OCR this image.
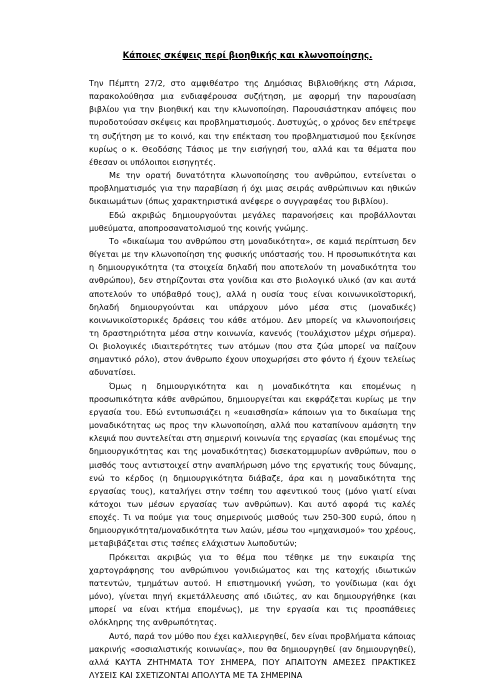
Κάποιες σκέψεις περί βιοηθικής και κλωνοποίησης.

Την Πέμπτη 27/2, στο αμφιθέατρο της Δημόσιας Βιβλιοθήκης στη Λάρισα, παρακολούθησα μια ενδιαφέρουσα συζήτηση, με αφορμή την παρουσίαση βιβλίου για την βιοηθική και την κλωνοποίηση. Παρουσιάστηκαν απόψεις που πυροδοτούσαν σκέψεις και προβληματισμούς. Δυστυχώς, ο χρόνος δεν επέτρεψε τη συζήτηση με το κοινό, και την επέκταση του προβληματισμού που ξεκίνησε κυρίως ο κ. Θεοδόσης Τάσιος με την εισήγησή του, αλλά και τα θέματα που έθεσαν οι υπόλοιποι εισηγητές.

Με την ορατή δυνατότητα κλωνοποίησης του ανθρώπου, εντείνεται ο προβληματισμός για την παραβίαση ή όχι μιας σειράς ανθρώπινων και ηθικών δικαιωμάτων (όπως χαρακτηριστικά ανέφερε ο συγγραφέας του βιβλίου).

Εδώ ακριβώς δημιουργούνται μεγάλες παρανοήσεις και προβάλλονται μυθεύματα, αποπροσανατολισμού της κοινής γνώμης.

Το «δικαίωμα του ανθρώπου στη μοναδικότητα», σε καμιά περίπτωση δεν θίγεται με την κλωνοποίηση της φυσικής υπόστασής του. Η προσωπικότητα και η δημιουργικότητα (τα στοιχεία δηλαδή που αποτελούν τη μοναδικότητα του ανθρώπου), δεν στηρίζονται στα γονίδια και στο βιολογικό υλικό (αν και αυτά αποτελούν το υπόβαθρό τους), αλλά η ουσία τους είναι κοινωνικοϊστορική, δηλαδή δημιουργούνται και υπάρχουν μόνο μέσα στις (μοναδικές) κοινωνικοϊστορικές δράσεις του κάθε ατόμου. Δεν μπορείς να κλωνοποιήσεις τη δραστηριότητα μέσα στην κοινωνία, κανενός (τουλάχιστον μέχρι σήμερα). Οι βιολογικές ιδιαιτερότητες των ατόμων (που στα ζώα μπορεί να παίζουν σημαντικό ρόλο), στον άνθρωπο έχουν υποχωρήσει στο φόντο ή έχουν τελείως αδυνατίσει.

Όμως η δημιουργικότητα και η μοναδικότητα και επομένως η προσωπικότητα κάθε ανθρώπου, δημιουργείται και εκφράζεται κυρίως με την εργασία του. Εδώ εντυπωσιάζει η «ευαισθησία» κάποιων για το δικαίωμα της μοναδικότητας ως προς την κλωνοποίηση, αλλά που καταπίνουν αμάσητη την κλεψιά που συντελείται στη σημερινή κοινωνία της εργασίας (και επομένως της δημιουργικότητας και της μοναδικότητας) δισεκατομμυρίων ανθρώπων, που ο μισθός τους αντιστοιχεί στην αναπλήρωση μόνο της εργατικής τους δύναμης, ενώ το κέρδος (η δημιουργικότητα διάβαζε, άρα και η μοναδικότητα της εργασίας τους), καταλήγει στην τσέπη του αφεντικού τους (μόνο γιατί είναι κάτοχοι των μέσων εργασίας των ανθρώπων). Και αυτό αφορά τις καλές εποχές. Τι να πούμε για τους σημερινούς μισθούς των 250-300 ευρώ, όπου η δημιουργικότητα/μοναδικότητα των λαών, μέσω του «μηχανισμού» του χρέους, μεταβιβάζεται στις τσέπες ελάχιστων λωποδυτών;

Πρόκειται ακριβώς για το θέμα που τέθηκε με την ευκαιρία της χαρτογράφησης του ανθρώπινου γονιδιώματος και της κατοχής ιδιωτικών πατεντών, τμημάτων αυτού. Η επιστημονική γνώση, το γονίδιωμα (και όχι μόνο), γίνεται πηγή εκμετάλλευσης από ιδιώτες, αν και δημιουργήθηκε (και μπορεί να είναι κτήμα επομένως), με την εργασία και τις προσπάθειες ολόκληρης της ανθρωπότητας.

Αυτό, παρά τον μύθο που έχει καλλιεργηθεί, δεν είναι προβλήματα κάποιας μακρινής «σοσιαλιστικής κοινωνίας», που θα δημιουργηθεί (αν δημιουργηθεί), αλλά ΚΑΥΤΑ ΖΗΤΗΜΑΤΑ ΤΟΥ ΣΗΜΕΡΑ, ΠΟΥ ΑΠΑΙΤΟΥΝ ΑΜΕΣΕΣ ΠΡΑΚΤΙΚΕΣ ΛΥΣΕΙΣ ΚΑΙ ΣΧΕΤΙΖΟΝΤΑΙ ΑΠΟΛΥΤΑ ΜΕ ΤΑ ΣΗΜΕΡΙΝΑ
